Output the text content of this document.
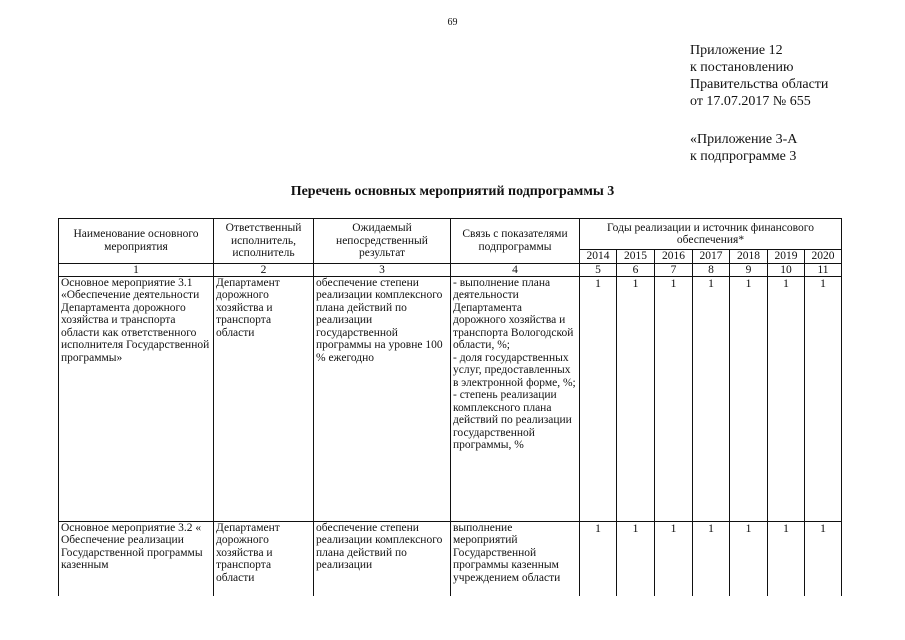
69
Приложение 12
к постановлению
Правительства области
от 17.07.2017 № 655
«Приложение 3-А
к подпрограмме 3
Перечень основных мероприятий подпрограммы 3
Наименование основного мероприятия	Ответственный исполнитель, исполнитель	Ожидаемый непосредственный результат	Связь с показателями подпрограммы	Годы реализации и источник финансового обеспечения*						
				2014	2015	2016	2017	2018	2019	2020
1	2	3	4	5	6	7	8	9	10	11
Основное мероприятие 3.1 «Обеспечение деятельности Департамента дорожного хозяйства и транспорта области как ответственного исполнителя Государственной программы»	Департамент дорожного хозяйства и транспорта области	обеспечение степени реализации комплексного плана действий по реализации государственной программы на уровне 100 % ежегодно	- выполнение плана деятельности Департамента дорожного хозяйства и транспорта Вологодской области, %;
- доля государственных услуг, предоставленных в электронной форме, %;
- степень реализации комплексного плана действий по реализации государственной программы, %	1	1	1	1	1	1	1
Основное мероприятие 3.2 « Обеспечение реализации Государственной программы казенным	Департамент дорожного хозяйства и транспорта области	обеспечение степени реализации комплексного плана действий по реализации	выполнение мероприятий Государственной программы казенным учреждением области	1	1	1	1	1	1	1
